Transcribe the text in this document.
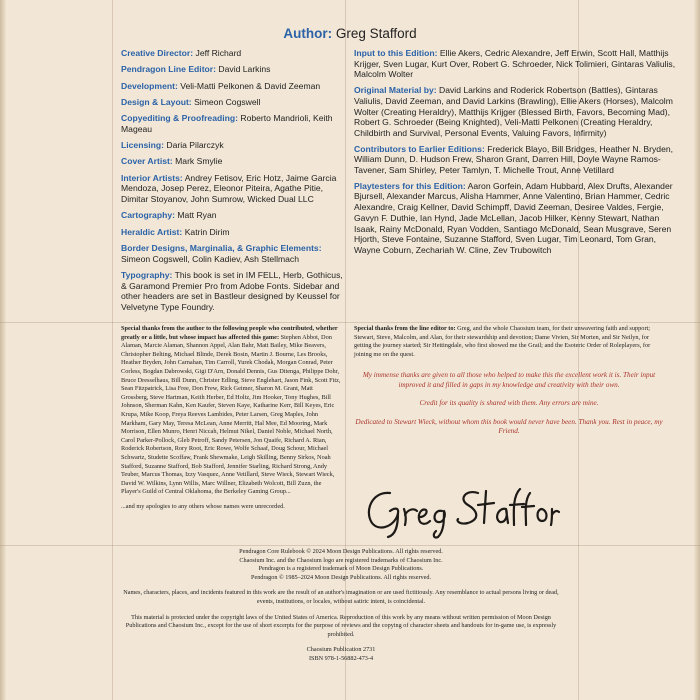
Author: Greg Stafford
Creative Director: Jeff Richard
Pendragon Line Editor: David Larkins
Development: Veli-Matti Pelkonen & David Zeeman
Design & Layout: Simeon Cogswell
Copyediting & Proofreading: Roberto Mandrioli, Keith Mageau
Licensing: Daria Pilarczyk
Cover Artist: Mark Smylie
Interior Artists: Andrey Fetisov, Eric Hotz, Jaime Garcia Mendoza, Josep Perez, Eleonor Piteira, Agathe Pitie, Dimitar Stoyanov, John Sumrow, Wicked Dual LLC
Cartography: Matt Ryan
Heraldic Artist: Katrin Dirim
Border Designs, Marginalia, & Graphic Elements: Simeon Cogswell, Colin Kadiev, Ash Stellmach
Typography: This book is set in IM FELL, Herb, Gothicus, & Garamond Premier Pro from Adobe Fonts. Sidebar and other headers are set in Bastleur designed by Keussel for Velvetyne Type Foundry.
Input to this Edition: Ellie Akers, Cedric Alexandre, Jeff Erwin, Scott Hall, Matthijs Krijger, Sven Lugar, Kurt Over, Robert G. Schroeder, Nick Tolimieri, Gintaras Valiulis, Malcolm Wolter
Original Material by: David Larkins and Roderick Robertson (Battles), Gintaras Valiulis, David Zeeman, and David Larkins (Brawling), Ellie Akers (Horses), Malcolm Wolter (Creating Heraldry), Matthijs Krijger (Blessed Birth, Favors, Becoming Mad), Robert G. Schroeder (Being Knighted), Veli-Matti Pelkonen (Creating Heraldry, Childbirth and Survival, Personal Events, Valuing Favors, Infirmity)
Contributors to Earlier Editions: Frederick Blayo, Bill Bridges, Heather N. Bryden, William Dunn, D. Hudson Frew, Sharon Grant, Darren Hill, Doyle Wayne Ramos-Tavener, Sam Shirley, Peter Tamlyn, T. Michelle Trout, Anne Vetillard
Playtesters for this Edition: Aaron Gorfein, Adam Hubbard, Alex Drufts, Alexander Bjursell, Alexander Marcus, Alisha Hammer, Anne Valentino, Brian Hammer, Cedric Alexandre, Craig Kellner, David Schimpff, David Zeeman, Desiree Valdes, Fergie, Gavyn F. Duthie, Ian Hynd, Jade McLellan, Jacob Hilker, Kenny Stewart, Nathan Isaak, Rainy McDonald, Ryan Vodden, Santiago McDonald, Sean Musgrave, Seren Hjorth, Steve Fontaine, Suzanne Stafford, Sven Lugar, Tim Leonard, Tom Gran, Wayne Coburn, Zechariah W. Cline, Zev Trubowitch
Special thanks from the author to the following people who contributed, whether greatly or a little, but whose impact has affected this game: Stephen Abbot, Don Alaman, Marcie Alaman, Shannon Appel, Alan Bahr, Matt Bailey, Mike Beavers, Christopher Belting, Michael Blinde, Derek Bosin, Martin J. Bourne, Les Brooks, Heather Bryden, John Carnahan, Tim Carroll, Yurek Chodak, Morgan Conrad, Peter Corless, Bogdan Dabrowski, Gigi D'Arn, Donald Dennis, Gus Ditenga, Philippe Dohr, Bruce Dresselhaus, Bill Dunn, Christer Edling, Steve Englehart, Jason Fink, Scott Fitz, Sean Fitzpatrick, Lisa Free, Don Frew, Rick Geimer, Sharon M. Grant, Matt Grossberg, Steve Hartman, Keith Herber, Ed Holtz, Jim Hooker, Tony Hughes, Bill Johnson, Sherman Kahn, Ken Kaufer, Steven Kaye, Katharine Kerr, Bill Keyes, Eric Krupa, Mike Koop, Freya Reeves Lambides, Peter Larsen, Greg Maples, John Markham, Gary May, Teresa McLean, Anne Merritt, Hal Mee, Ed Mooring, Mark Morrison, Ellen Munro, Henri Niccah, Helmut Nikel, Daniel Noble, Michael North, Carol Parker-Pollock, Gleb Petroff, Sandy Petersen, Jon Quaife, Richard A. Rian, Roderick Robertson, Rory Root, Eric Rowe, Wolfe Schaaf, Doug Schour, Michael Schwartz, Studette Scoffaw, Frank Shewmake, Leigh Skilling, Benny Sirkos, Noah Stafford, Suzanne Stafford, Bob Stafford, Jennifer Starling, Richard Strong, Andy Teuber, Marcus Thomas, Izzy Vasquez, Anne Vetillard, Steve Wieck, Stewart Wieck, David W. Wilkins, Lynn Willis, Marc Willner, Elizabeth Wolcott, Bill Zuzn, the Player's Guild of Central Oklahoma, the Berkeley Gaming Group...
...and my apologies to any others whose names were unrecorded.
Special thanks from the line editor to: Greg, and the whole Chaosium team, for their unwavering faith and support; Stewart, Steve, Malcolm, and Alan, for their stewardship and devotion; Dame Vivien, Sir Morten, and Sir Neilyn, for getting the journey started; Sir Hettingdale, who first showed me the Grail; and the Esoteric Order of Roleplayers, for joining me on the quest.

My immense thanks are given to all those who helped to make this the excellent work it is. Their input improved it and filled in gaps in my knowledge and creativity with their own.

Credit for its quality is shared with them. Any errors are mine.

Dedicated to Stewart Wieck, without whom this book would never have been. Thank you. Rest in peace, my Friend.

Pendragon Core Rulebook © 2024 Moon Design Publications. All rights reserved.
Chaosium Inc. and the Chaosium logo are registered trademarks of Chaosium Inc.
Pendragon is a registered trademark of Moon Design Publications.
Pendragon © 1985–2024 Moon Design Publications. All rights reserved.
Names, characters, places, and incidents featured in this work are the result of an author's imagination or are used fictitiously. Any resemblance to actual persons living or dead, events, institutions, or locales, without satiric intent, is coincidental.
This material is protected under the copyright laws of the United States of America. Reproduction of this work by any means without written permission of Moon Design Publications and Chaosium Inc., except for the use of short excerpts for the purpose of reviews and the copying of character sheets and handouts for in-game use, is expressly prohibited.
Chaosium Publication 2731
ISBN 978-1-56882-473-4
